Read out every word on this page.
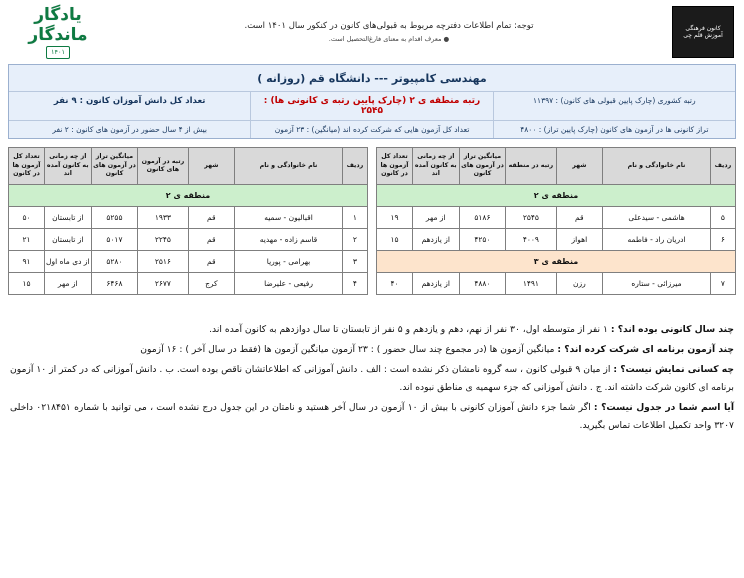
کانون فرهنگی آموزش قلم چی
توجه: تمام اطلاعات دفترچه مربوط به قبولی‌های کانون در کنکور سال ۱۴۰۱ است.
● معرف اقدام به معنای فارغ‌التحصیل است.
یادگار ماندگار
۱۴۰۱
مهندسی کامپیوتر --- دانشگاه قم (روزانه )
رتبه کشوری (چارک پایین قبولی های کانون) : ۱۱۳۹۷
رتبه منطقه ی ۲ (چارک پایین رتبه ی کانونی ها) : ۲۵۴۵
تعداد کل دانش آموزان کانون : ۹ نفر
تراز کانونی ها در آزمون های کانون (چارک پایین تراز) : ۴۸۰۰
تعداد کل آزمون هایی که شرکت کرده اند (میانگین) : ۲۳ آزمون
بیش از ۴ سال حضور در آزمون های کانون : ۲ نفر
ردیف	نام خانوادگی و نام	شهر	رتبه در منطقه	میانگین تراز در آزمون های کانون	از چه زمانی به کانون آمده اند	تعداد کل آزمون ها در کانون
منطقه ی ۲						
۵	هاشمی - سیدعلی	قم	۲۵۴۵	۵۱۸۶	از مهر	۱۹
۶	ادریان راد - فاطمه	اهواز	۴۰۰۹	۴۲۵۰	از یازدهم	۱۵
منطقه ی ۳						
۷	میرزائی - ستاره	رزن	۱۴۹۱	۴۸۸۰	از یازدهم	۴۰
ردیف	نام خانوادگی و نام	شهر	رتبه در آزمون های کانون	میانگین تراز در آزمون های کانون	از چه زمانی به کانون آمده اند	تعداد کل آزمون ها در کانون
منطقه ی ۲						
۱	اقبالیون - سمیه	قم	۱۹۳۳	۵۲۵۵	از تابستان	۵۰
۲	قاسم زاده - مهدیه	قم	۲۲۴۵	۵۰۱۷	از تابستان	۲۱
۳	بهرامی - پوریا	قم	۲۵۱۶	۵۲۸۰	از دی ماه اول	۹۱
۴	رفیعی - علیرضا	کرج	۲۶۷۷	۶۴۶۸	از مهر	۱۵

چند سال کانونی بوده اند؟ : ۱ نفر از متوسطه اول، ۳۰ نفر از نهم، دهم و یازدهم و ۵ نفر از تابستان تا سال دوازدهم به کانون آمده اند.

چند آزمون برنامه ای شرکت کرده اند؟ : میانگین آزمون ها (در مجموع چند سال حضور ) : ۲۳ آزمون میانگین آزمون ها (فقط در سال آخر ) : ۱۶ آزمون

چه کسانی نمایش نیست؟ : از میان ۹ قبولی کانون ، سه گروه نامشان ذکر نشده است : الف . دانش آموزانی که اطلاعاتشان ناقص بوده است. ب . دانش آموزانی که در کمتر از ۱۰ آزمون برنامه ای کانون شرکت داشته اند. ج . دانش آموزانی که جزء سهمیه ی مناطق نبوده اند.

آیا اسم شما در جدول نیست؟ : اگر شما جزء دانش آموزان کانونی با بیش از ۱۰ آزمون در سال آخر هستید و نامتان در این جدول درج نشده است ، می توانید با شماره ۰۲۱۸۴۵۱ داخلی ۳۲۰۷ واحد تکمیل اطلاعات تماس بگیرید.
